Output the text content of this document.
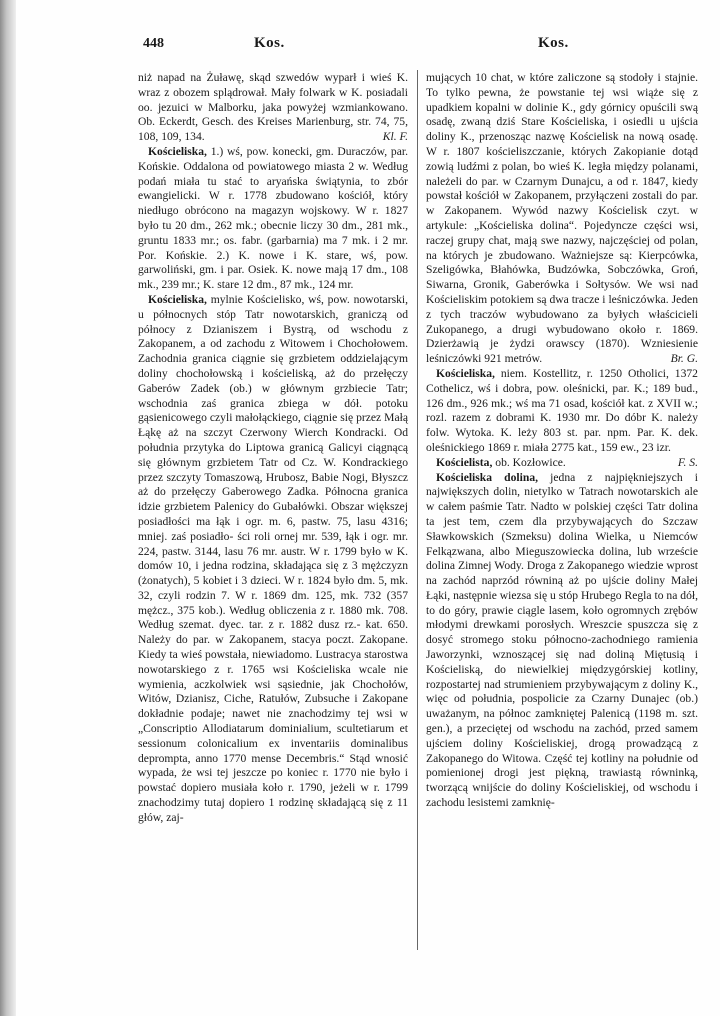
448	Kos.	Kos.

niż napad na Żuławę, skąd szwedów wyparł i wieś K. wraz z obozem splądrował. Mały folwark w K. posiadali oo. jezuici w Malborku, jaka powyżej wzmiankowano. Ob. Eckerdt, Gesch. des Kreises Marienburg, str. 74, 75, 108, 109, 134.	Kl. F.

Kościeliska, 1.) wś, pow. konecki, gm. Duraczów, par. Końskie. Oddalona od powiatowego miasta 2 w. Według podań miała tu stać to aryańska świątynia, to zbór ewangielicki. W r. 1778 zbudowano kościół, który niedługo obrócono na magazyn wojskowy. W r. 1827 było tu 20 dm., 262 mk.; obecnie liczy 30 dm., 281 mk., gruntu 1833 mr.; os. fabr. (garbarnia) ma 7 mk. i 2 mr. Por. Końskie. 2.) K. nowe i K. stare, wś, pow. garwoliński, gm. i par. Osiek. K. nowe mają 17 dm., 108 mk., 239 mr.; K. stare 12 dm., 87 mk., 124 mr.

Kościeliska, mylnie Kościelisko, wś, pow. nowotarski, u północnych stóp Tatr nowotarskich, graniczą od północy z Dzianiszem i Bystrą, od wschodu z Zakopanem, a od zachodu z Witowem i Chochołowem. Zachodnia granica ciągnie się grzbietem oddzielającym doliny chochołowską i kościeliską, aż do przełęczy Gaberów Zadek (ob.) w głównym grzbiecie Tatr; wschodnia zaś granica zbiega w dół. potoku gąsienicowego czyli małołąckiego, ciągnie się przez Małą Łąkę aż na szczyt Czerwony Wierch Kondracki. Od południa przytyka do Liptowa granicą Galicyi ciągnącą się głównym grzbietem Tatr od Cz. W. Kondrackiego przez szczyty Tomaszową, Hrubosz, Babie Nogi, Błyszcz aż do przełęczy Gaberowego Zadka. Północna granica idzie grzbietem Palenicy do Gubałówki. Obszar większej posiadłości ma łąk i ogr. m. 6, pastw. 75, lasu 4316; mniej. zaś posiadło- ści roli ornej mr. 539, łąk i ogr. mr. 224, pastw. 3144, lasu 76 mr. austr. W r. 1799 było w K. domów 10, i jedna rodzina, składająca się z 3 mężczyzn (żonatych), 5 kobiet i 3 dzieci. W r. 1824 było dm. 5, mk. 32, czyli rodzin 7. W r. 1869 dm. 125, mk. 732 (357 mężcz., 375 kob.). Według obliczenia z r. 1880 mk. 708. Według szemat. dyec. tar. z r. 1882 dusz rz.- kat. 650. Należy do par. w Zakopanem, stacya poczt. Zakopane. Kiedy ta wieś powstała, niewiadomo. Lustracya starostwa nowotarskiego z r. 1765 wsi Kościeliska wcale nie wymienia, aczkolwiek wsi sąsiednie, jak Chochołów, Witów, Dzianisz, Ciche, Ratułów, Zubsuche i Zakopane dokładnie podaje; nawet nie znachodzimy tej wsi w „Conscriptio Allodiatarum dominialium, scultetiarum et sessionum colonicalium ex inventariis dominalibus deprompta, anno 1770 mense Decembris.“ Stąd wnosić wypada, że wsi tej jeszcze po koniec r. 1770 nie było i powstać dopiero musiała koło r. 1790, jeżeli w r. 1799 znachodzimy tutaj dopiero 1 rodzinę składającą się z 11 głów, zaj-

mujących 10 chat, w które zaliczone są stodoły i stajnie. To tylko pewna, że powstanie tej wsi wiąże się z upadkiem kopalni w dolinie K., gdy górnicy opuścili swą osadę, zwaną dziś Stare Kościeliska, i osiedli u ujścia doliny K., przenosząc nazwę Kościelisk na nową osadę. W r. 1807 kościeliszczanie, których Zakopianie dotąd zowią ludźmi z polan, bo wieś K. legła między polanami, należeli do par. w Czarnym Dunajcu, a od r. 1847, kiedy powstał kościół w Zakopanem, przyłączeni zostali do par. w Zakopanem. Wywód nazwy Kościelisk czyt. w artykule: „Kościeliska dolina“. Pojedyncze części wsi, raczej grupy chat, mają swe nazwy, najczęściej od polan, na których je zbudowano. Ważniejsze są: Kierpcówka, Szeligówka, Błahówka, Budzówka, Sobczówka, Groń, Siwarna, Gronik, Gaberówka i Sołtysów. We wsi nad Kościeliskim potokiem są dwa tracze i leśniczówka. Jeden z tych traczów wybudowano za byłych właścicieli Zukopanego, a drugi wybudowano około r. 1869. Dzierżawią je żydzi orawscy (1870). Wzniesienie leśniczówki 921 metrów.	Br. G.

Kościeliska, niem. Kostellitz, r. 1250 Otholici, 1372 Cothelicz, wś i dobra, pow. oleśnicki, par. K.; 189 bud., 126 dm., 926 mk.; wś ma 71 osad, kościół kat. z XVII w.; rozl. razem z dobrami K. 1930 mr. Do dóbr K. należy folw. Wytoka. K. leży 803 st. par. npm. Par. K. dek. oleśnickiego 1869 r. miała 2775 kat., 159 ew., 23 izr.
F. S.

Kościelista, ob. Kozłowice.

Kościeliska dolina, jedna z najpiękniejszych i największych dolin, nietylko w Tatrach nowotarskich ale w całem paśmie Tatr. Nadto w polskiej części Tatr dolina ta jest tem, czem dla przybywających do Szczaw Sławkowskich (Szmeksu) dolina Wielka, u Niemców Felkązwana, albo Mieguszowiecka dolina, lub wrzeście dolina Zimnej Wody. Droga z Zakopanego wiedzie wprost na zachód naprzód równiną aż po ujście doliny Małej Łąki, następnie wiezsa się u stóp Hrubego Regla to na dół, to do góry, prawie ciągle lasem, koło ogromnych zrębów młodymi drewkami porosłych. Wreszcie spuszcza się z dosyć stromego stoku północno-zachodniego ramienia Jaworzynki, wznoszącej się nad doliną Miętusią i Kościeliską, do niewielkiej międzygórskiej kotliny, rozpostartej nad strumieniem przybywającym z doliny K., więc od południa, pospolicie za Czarny Dunajec (ob.) uważanym, na północ zamkniętej Palenicą (1198 m. szt. gen.), a przeciętej od wschodu na zachód, przed samem ujściem doliny Kościeliskiej, drogą prowadzącą z Zakopanego do Witowa. Część tej kotliny na południe od pomienionej drogi jest piękną, trawiastą równinką, tworzącą wnijście do doliny Kościeliskiej, od wschodu i zachodu lesistemi zamknię-
